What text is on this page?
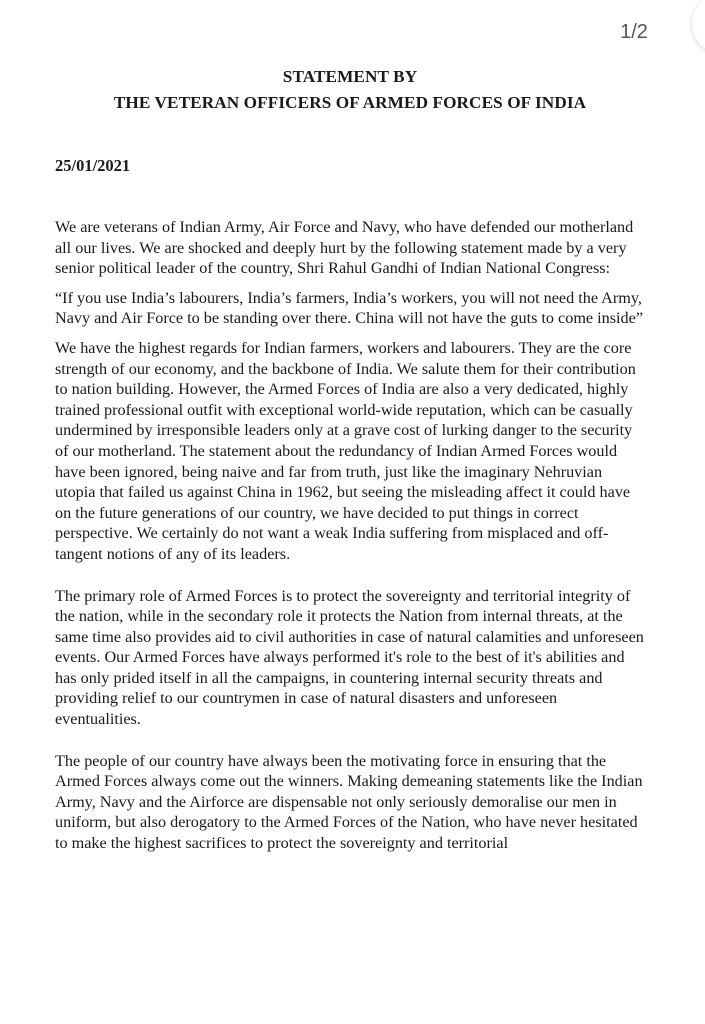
1/2

STATEMENT BY

THE VETERAN OFFICERS OF ARMED FORCES OF INDIA

25/01/2021

We are veterans of Indian Army, Air Force and Navy, who have defended our motherland all our lives. We are shocked and deeply hurt by the following statement made by a very senior political leader of the country, Shri Rahul Gandhi of Indian National Congress:

“If you use India’s labourers, India’s farmers, India’s workers, you will not need the Army, Navy and Air Force to be standing over there. China will not have the guts to come inside”

We have the highest regards for Indian farmers, workers and labourers. They are the core strength of our economy, and the backbone of India. We salute them for their contribution to nation building. However, the Armed Forces of India are also a very dedicated, highly trained professional outfit with exceptional world-wide reputation, which can be casually undermined by irresponsible leaders only at a grave cost of lurking danger to the security of our motherland. The statement about the redundancy of Indian Armed Forces would have been ignored, being naive and far from truth, just like the imaginary Nehruvian utopia that failed us against China in 1962, but seeing the misleading affect it could have on the future generations of our country, we have decided to put things in correct perspective. We certainly do not want a weak India suffering from misplaced and off-tangent notions of any of its leaders.

The primary role of Armed Forces is to protect the sovereignty and territorial integrity of the nation, while in the secondary role it protects the Nation from internal threats, at the same time also provides aid to civil authorities in case of natural calamities and unforeseen events. Our Armed Forces have always performed it's role to the best of it's abilities and has only prided itself in all the campaigns, in countering internal security threats and providing relief to our countrymen in case of natural disasters and unforeseen eventualities.

The people of our country have always been the motivating force in ensuring that the Armed Forces always come out the winners. Making demeaning statements like the Indian Army, Navy and the Airforce are dispensable not only seriously demoralise our men in uniform, but also derogatory to the Armed Forces of the Nation, who have never hesitated to make the highest sacrifices to protect the sovereignty and territorial
